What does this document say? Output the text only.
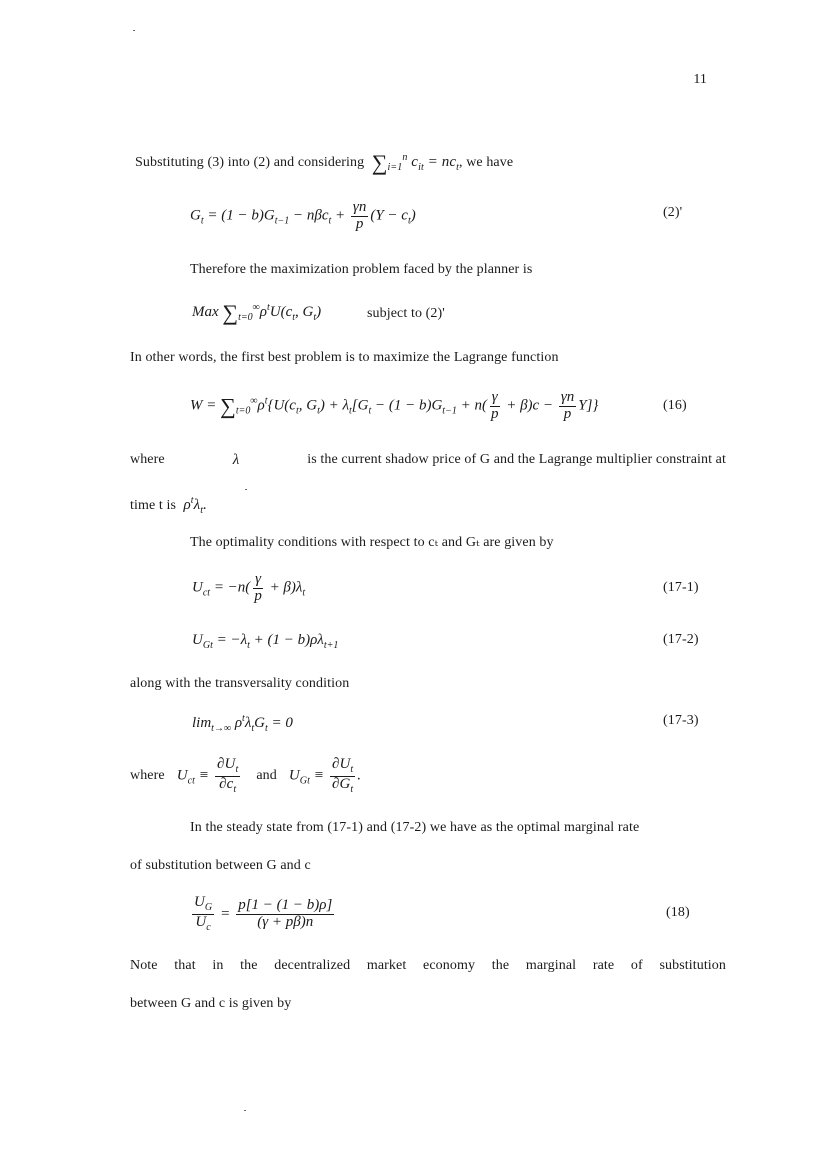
11
Substituting (3) into (2) and considering $\sum_{i=1}^n$ $c_{it} = nc_t$, we have
$G_t = (1 - b)G_{t-1} - n\beta c_t + \frac{\gamma n}{p} (Y - c_t)$	(2)'
Therefore the maximization problem faced by the planner is
Max $\sum_{t=0}^\infty\rho^tU(c_t$, $G_t$)	subject to (2)'
In other words, the first best problem is to maximize the Lagrange function
$W = \sum_{t=0}^\infty\rho^t\{U(c_t$, $G_t) + \lambda_t[G_t - (1 - b)G_{t-1} + n( \frac{\gamma}{p} + \beta)c - \frac{\gamma n}{p} Y]$}	(16)
where	λ	is the current shadow price of G and the Lagrange multiplier constraint at
time t is  $\rho^t\lambda_t$.
The optimality conditions with respect to cₜ and Gₜ are given by
$U_{ct} = -n( \frac{\gamma}{p} + \beta)\lambda_t$	(17-1)
$U_{Gt} = -\lambda_t + (1 - b)\rho\lambda_{t+1}$	(17-2)
along with the transversality condition
$\lim_{t\to\infty} \rho^t\lambda_tG_t = 0$	(17-3)
where $U_{ct} \equiv \frac{\partial U_t}{\partial c_t}$ and $U_{Gt} \equiv \frac{\partial U_t}{\partial G_t}$ .
In the steady state from (17-1) and (17-2) we have as the optimal marginal rate
of substitution between G and c
$\frac{U_G}{U_c} = \frac{p[1 - (1 - b)\rho]}{(\gamma + p\beta)n}$	(18)
Note that in the decentralized market economy the marginal rate of substitution
between G and c is given by
